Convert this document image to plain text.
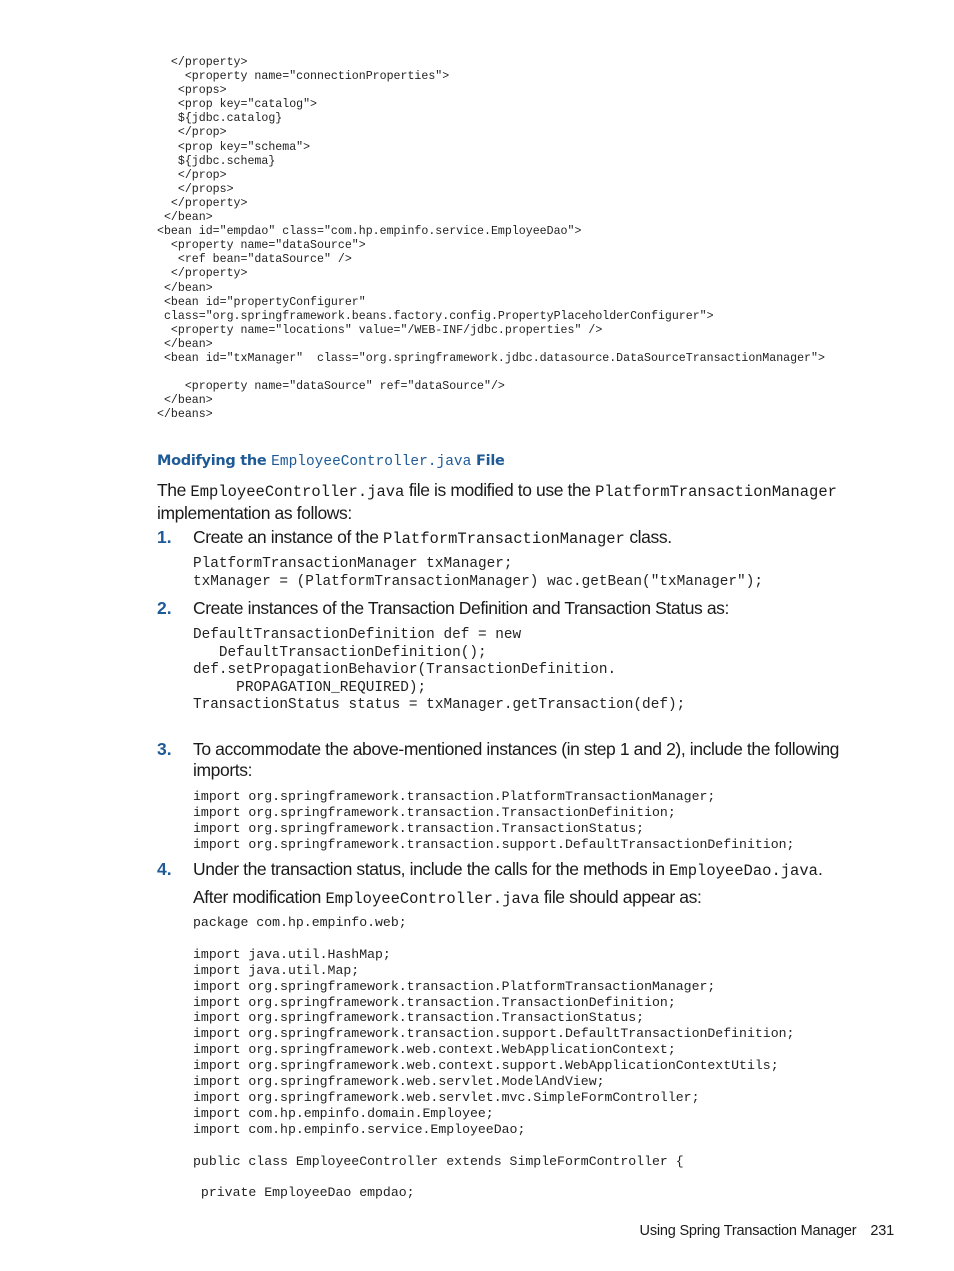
</property>
<property name="connectionProperties">
<props>
<prop key="catalog">
${jdbc.catalog}
</prop>
<prop key="schema">
${jdbc.schema}
</prop>
</props>
</property>
</bean>
<bean id="empdao" class="com.hp.empinfo.service.EmployeeDao">
<property name="dataSource">
<ref bean="dataSource" />
</property>
</bean>
<bean id="propertyConfigurer"
class="org.springframework.beans.factory.config.PropertyPlaceholderConfigurer">
<property name="locations" value="/WEB-INF/jdbc.properties" />
</bean>
<bean id="txManager"  class="org.springframework.jdbc.datasource.DataSourceTransactionManager">

<property name="dataSource" ref="dataSource"/>
</bean>
</beans>
Modifying the EmployeeController.java File
The EmployeeController.java file is modified to use the PlatformTransactionManager implementation as follows:
1. Create an instance of the PlatformTransactionManager class.
PlatformTransactionManager txManager;
txManager = (PlatformTransactionManager) wac.getBean("txManager");
2. Create instances of the Transaction Definition and Transaction Status as:
DefaultTransactionDefinition def = new
DefaultTransactionDefinition();
def.setPropagationBehavior(TransactionDefinition.
PROPAGATION_REQUIRED);
TransactionStatus status = txManager.getTransaction(def);
3. To accommodate the above-mentioned instances (in step 1 and 2), include the following imports:
import org.springframework.transaction.PlatformTransactionManager;
import org.springframework.transaction.TransactionDefinition;
import org.springframework.transaction.TransactionStatus;
import org.springframework.transaction.support.DefaultTransactionDefinition;
4. Under the transaction status, include the calls for the methods in EmployeeDao.java.
After modification EmployeeController.java file should appear as:
package com.hp.empinfo.web;

import java.util.HashMap;
import java.util.Map;
import org.springframework.transaction.PlatformTransactionManager;
import org.springframework.transaction.TransactionDefinition;
import org.springframework.transaction.TransactionStatus;
import org.springframework.transaction.support.DefaultTransactionDefinition;
import org.springframework.web.context.WebApplicationContext;
import org.springframework.web.context.support.WebApplicationContextUtils;
import org.springframework.web.servlet.ModelAndView;
import org.springframework.web.servlet.mvc.SimpleFormController;
import com.hp.empinfo.domain.Employee;
import com.hp.empinfo.service.EmployeeDao;

public class EmployeeController extends SimpleFormController {

private EmployeeDao empdao;
Using Spring Transaction Manager 231
